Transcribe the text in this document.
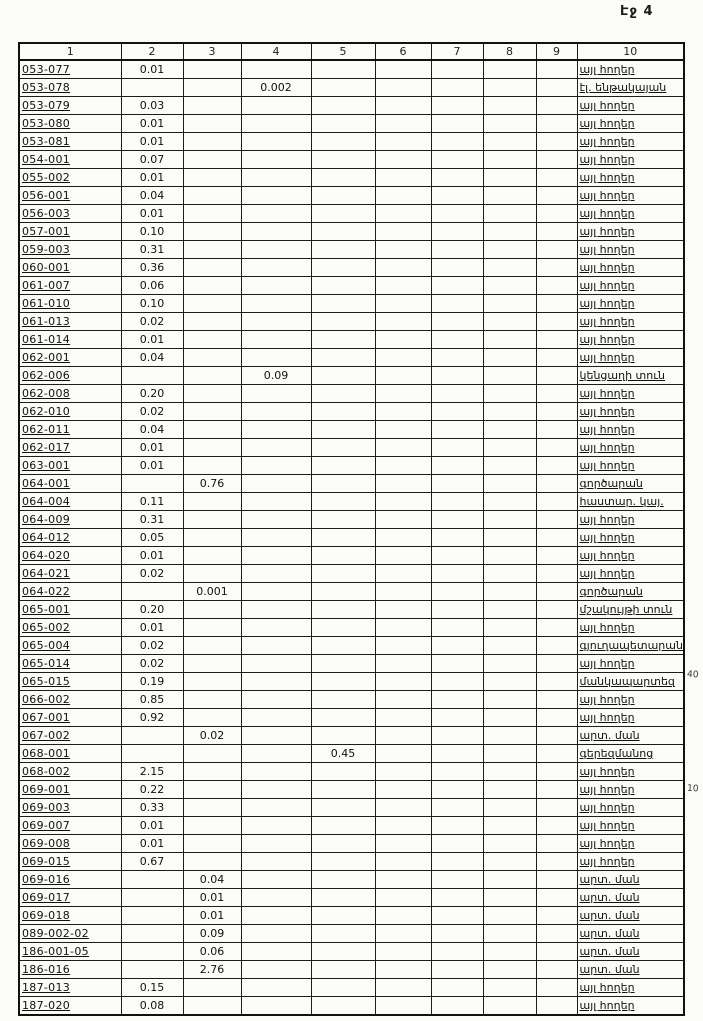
Էջ 4
1	2	3	4	5	6	7	8	9	10
053-077	0.01								այլ հողեր
053-078			0.002						էլ. ենթակայան
053-079	0.03								այլ հողեր
053-080	0.01								այլ հողեր
053-081	0.01								այլ հողեր
054-001	0.07								այլ հողեր
055-002	0.01								այլ հողեր
056-001	0.04								այլ հողեր
056-003	0.01								այլ հողեր
057-001	0.10								այլ հողեր
059-003	0.31								այլ հողեր
060-001	0.36								այլ հողեր
061-007	0.06								այլ հողեր
061-010	0.10								այլ հողեր
061-013	0.02								այլ հողեր
061-014	0.01								այլ հողեր
062-001	0.04								այլ հողեր
062-006			0.09						կենցաղի տուն
062-008	0.20								այլ հողեր
062-010	0.02								այլ հողեր
062-011	0.04								այլ հողեր
062-017	0.01								այլ հողեր
063-001	0.01								այլ հողեր
064-001		0.76							գործարան
064-004	0.11								հաստար. կայ.
064-009	0.31								այլ հողեր
064-012	0.05								այլ հողեր
064-020	0.01								այլ հողեր
064-021	0.02								այլ հողեր
064-022		0.001							գործարան
065-001	0.20								մշակույթի տուն
065-002	0.01								այլ հողեր
065-004	0.02								գյուղապետարան
065-014	0.02								այլ հողեր
065-015	0.19								մանկապարտեզ
066-002	0.85								այլ հողեր
067-001	0.92								այլ հողեր
067-002		0.02							արտ. ման
068-001				0.45					գերեզմանոց
068-002	2.15								այլ հողեր
069-001	0.22								այլ հողեր
069-003	0.33								այլ հողեր
069-007	0.01								այլ հողեր
069-008	0.01								այլ հողեր
069-015	0.67								այլ հողեր
069-016		0.04							արտ. ման
069-017		0.01							արտ. ման
069-018		0.01							արտ. ման
089-002-02		0.09							արտ. ման
186-001-05		0.06							արտ. ման
186-016		2.76							արտ. ման
187-013	0.15								այլ հողեր
187-020	0.08								այլ հողեր
40
10
